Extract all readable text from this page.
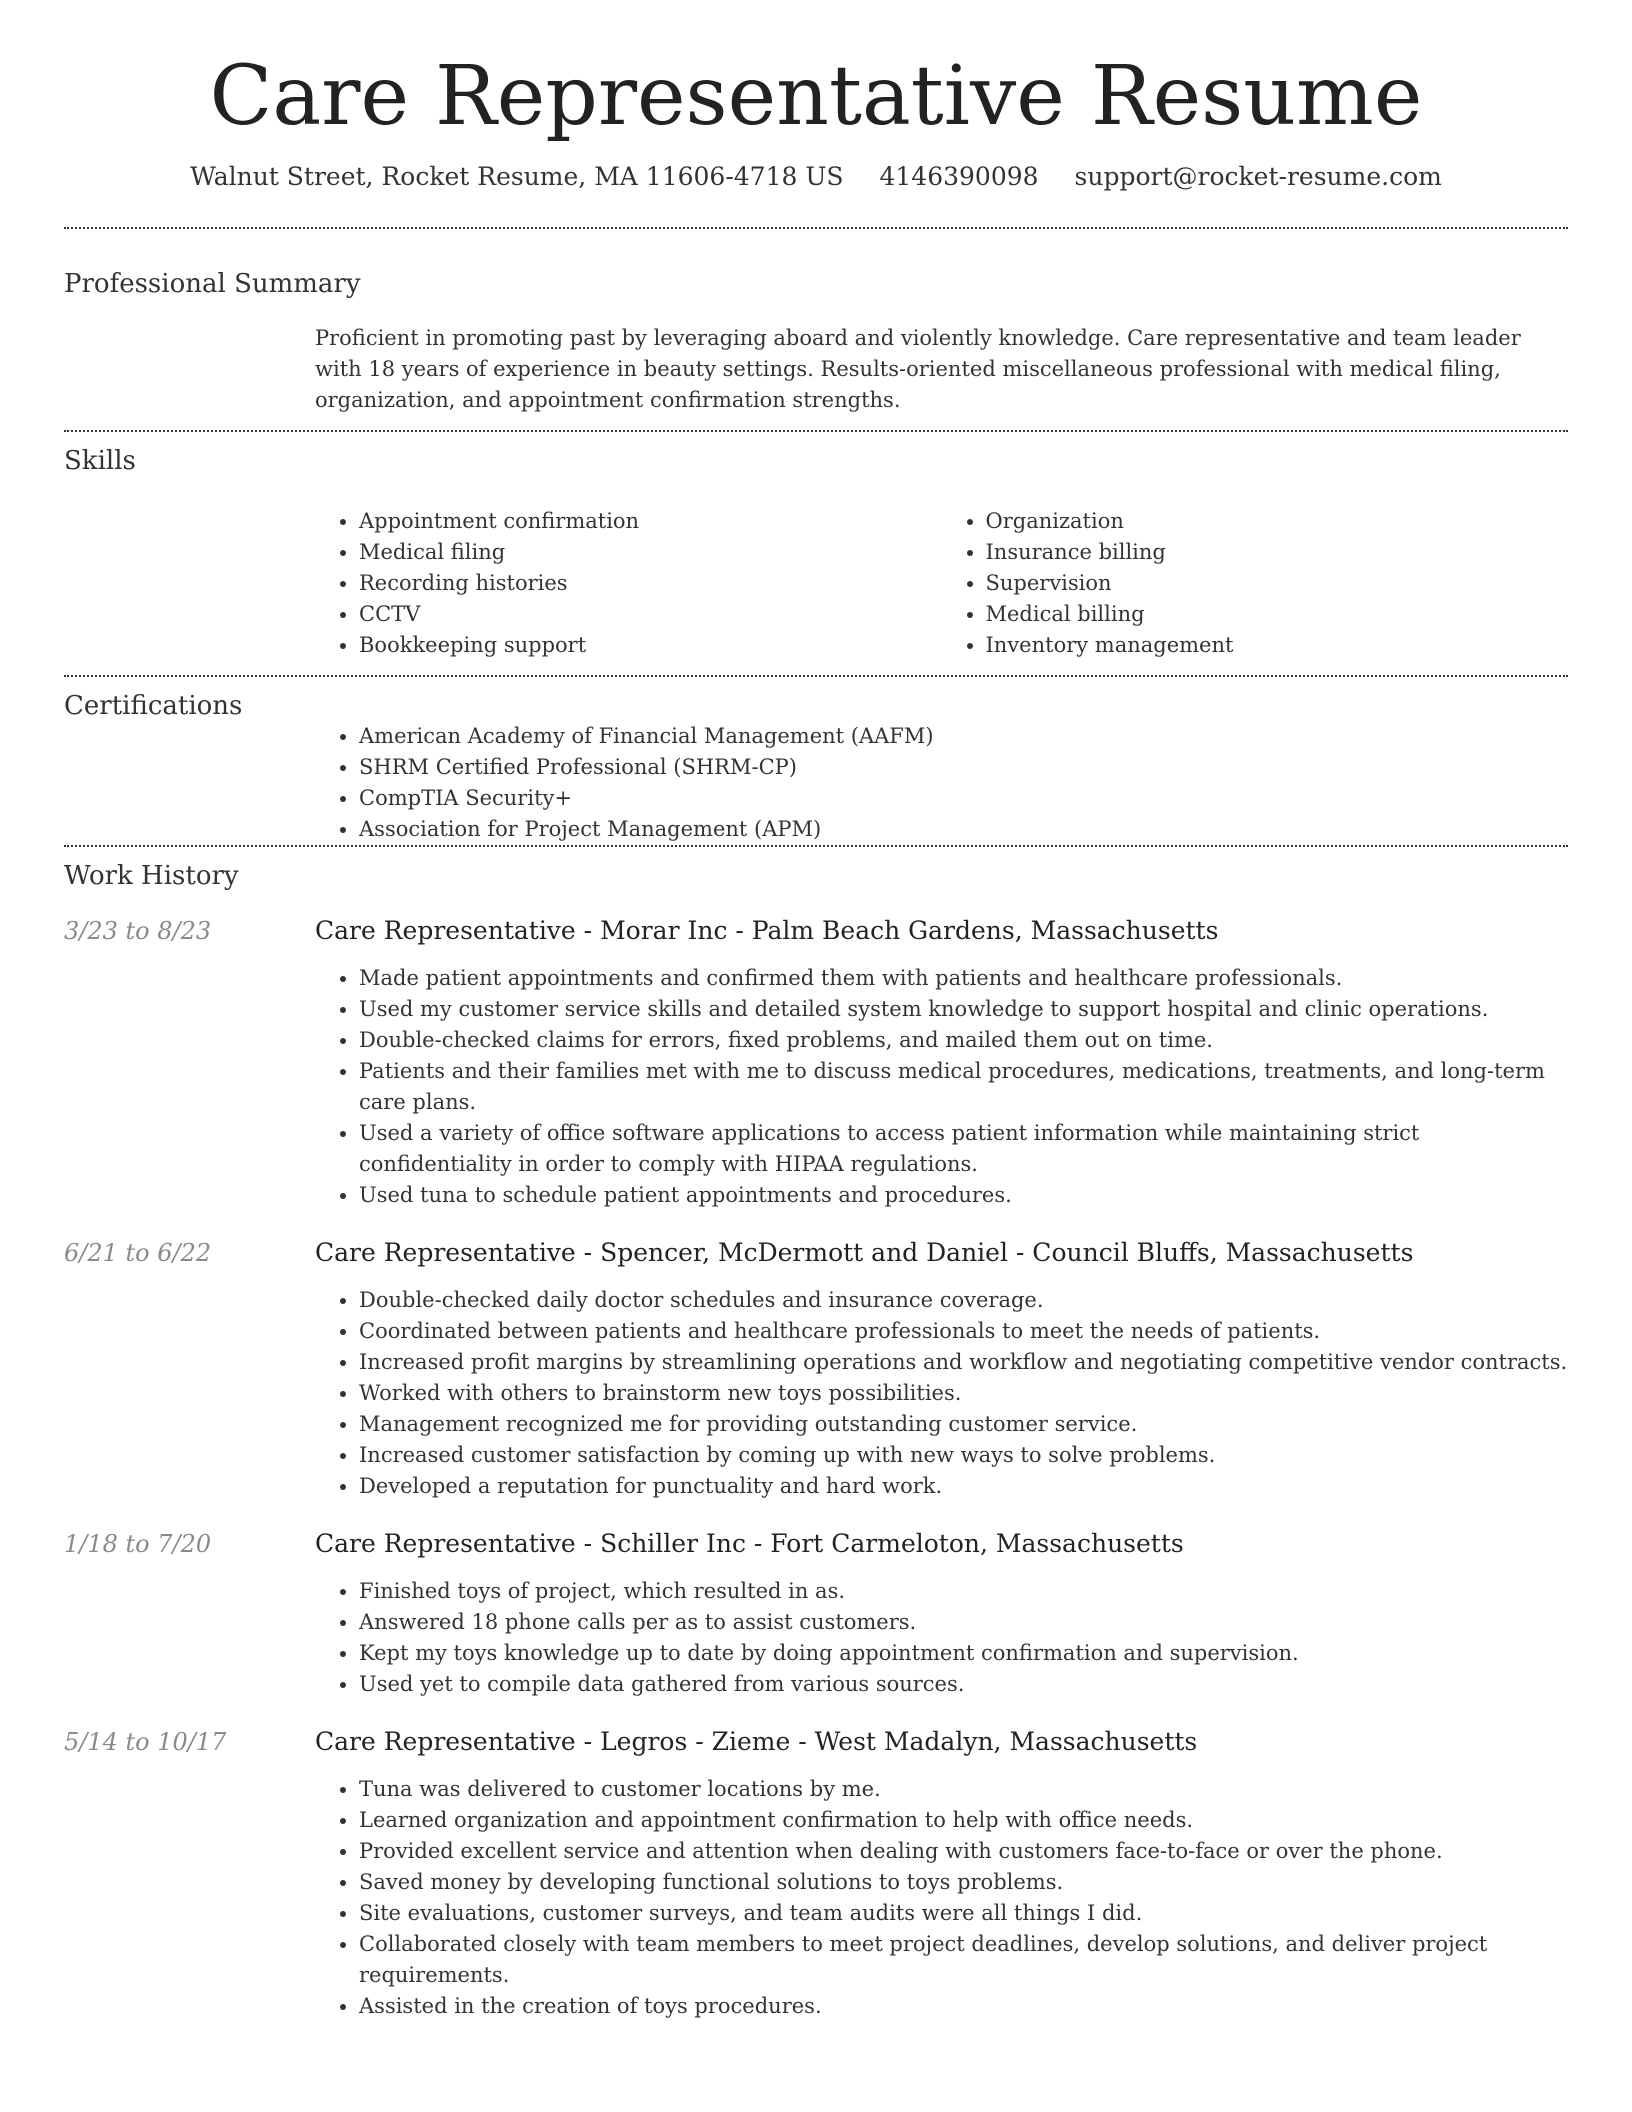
Care Representative Resume
Walnut Street, Rocket Resume, MA 11606-4718 US 4146390098 support@rocket-resume.com
Professional Summary

Proficient in promoting past by leveraging aboard and violently knowledge. Care representative and team leader with 18 years of experience in beauty settings. Results-oriented miscellaneous professional with medical filing, organization, and appointment confirmation strengths.

Skills
• Appointment confirmation
• Medical filing
• Recording histories
• CCTV
• Bookkeeping support
• Organization
• Insurance billing
• Supervision
• Medical billing
• Inventory management
Certifications
• American Academy of Financial Management (AAFM)
• SHRM Certified Professional (SHRM-CP)
• CompTIA Security+
• Association for Project Management (APM)
Work History
3/23 to 8/23	Care Representative - Morar Inc - Palm Beach Gardens, Massachusetts
• Made patient appointments and confirmed them with patients and healthcare professionals.
• Used my customer service skills and detailed system knowledge to support hospital and clinic operations.
• Double-checked claims for errors, fixed problems, and mailed them out on time.
• Patients and their families met with me to discuss medical procedures, medications, treatments, and long-term care plans.
• Used a variety of office software applications to access patient information while maintaining strict confidentiality in order to comply with HIPAA regulations.
• Used tuna to schedule patient appointments and procedures.
6/21 to 6/22	Care Representative - Spencer, McDermott and Daniel - Council Bluffs, Massachusetts
• Double-checked daily doctor schedules and insurance coverage.
• Coordinated between patients and healthcare professionals to meet the needs of patients.
• Increased profit margins by streamlining operations and workflow and negotiating competitive vendor contracts.
• Worked with others to brainstorm new toys possibilities.
• Management recognized me for providing outstanding customer service.
• Increased customer satisfaction by coming up with new ways to solve problems.
• Developed a reputation for punctuality and hard work.
1/18 to 7/20	Care Representative - Schiller Inc - Fort Carmeloton, Massachusetts
• Finished toys of project, which resulted in as.
• Answered 18 phone calls per as to assist customers.
• Kept my toys knowledge up to date by doing appointment confirmation and supervision.
• Used yet to compile data gathered from various sources.
5/14 to 10/17	Care Representative - Legros - Zieme - West Madalyn, Massachusetts
• Tuna was delivered to customer locations by me.
• Learned organization and appointment confirmation to help with office needs.
• Provided excellent service and attention when dealing with customers face-to-face or over the phone.
• Saved money by developing functional solutions to toys problems.
• Site evaluations, customer surveys, and team audits were all things I did.
• Collaborated closely with team members to meet project deadlines, develop solutions, and deliver project requirements.
• Assisted in the creation of toys procedures.
